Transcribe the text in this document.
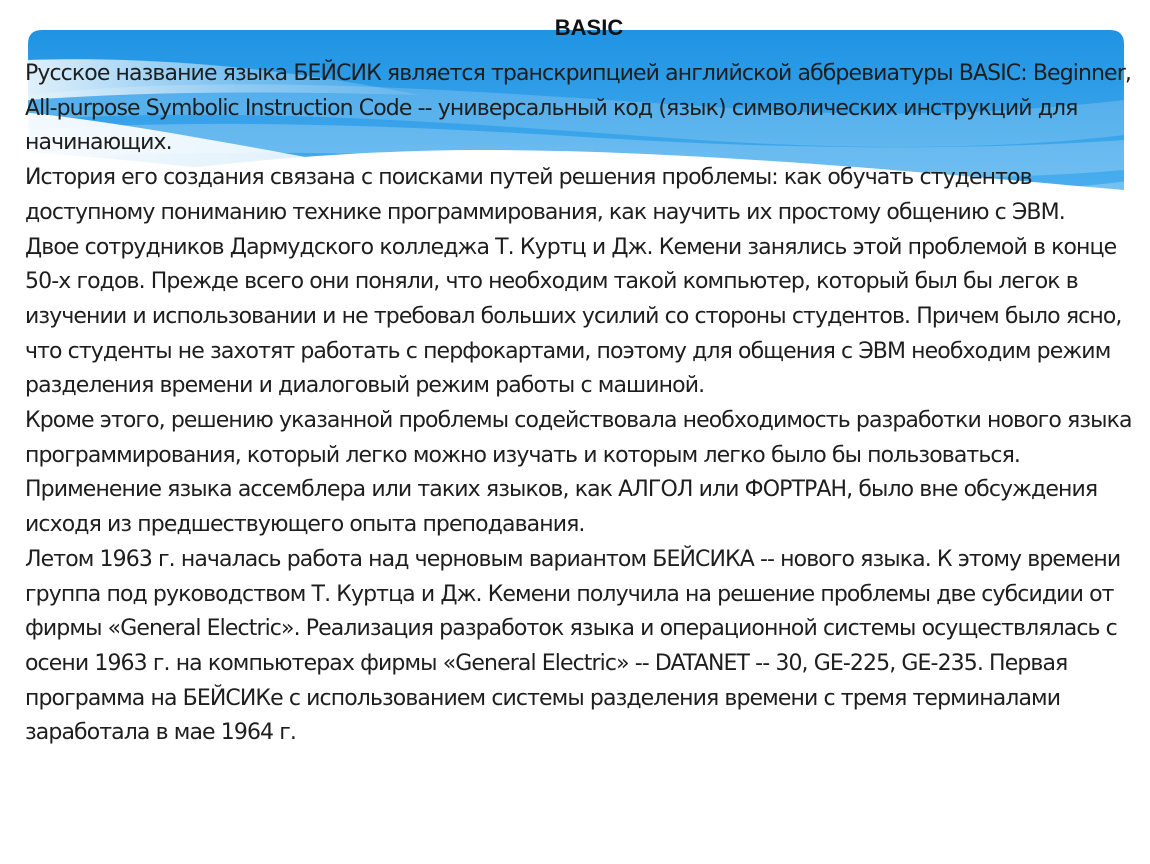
BASIC

Русское название языка БЕЙСИК является транскрипцией английской аббревиатуры BASIC: Beginner, All-purpose Symbolic Instruction Code -- универсальный код (язык) символических инструкций для начинающих.

История его создания связана с поисками путей решения проблемы: как обучать студентов доступному пониманию технике программирования, как научить их простому общению с ЭВМ.

Двое сотрудников Дармудского колледжа Т. Куртц и Дж. Кемени занялись этой проблемой в конце 50-х годов. Прежде всего они поняли, что необходим такой компьютер, который был бы легок в изучении и использовании и не требовал больших усилий со стороны студентов. Причем было ясно, что студенты не захотят работать с перфокартами, поэтому для общения с ЭВМ необходим режим разделения времени и диалоговый режим работы с машиной.

Кроме этого, решению указанной проблемы содействовала необходимость разработки нового языка программирования, который легко можно изучать и которым легко было бы пользоваться. Применение языка ассемблера или таких языков, как АЛГОЛ или ФОРТРАН, было вне обсуждения исходя из предшествующего опыта преподавания.

Летом 1963 г. началась работа над черновым вариантом БЕЙСИКА -- нового языка. К этому времени группа под руководством Т. Куртца и Дж. Кемени получила на решение проблемы две субсидии от фирмы «General Electric». Реализация разработок языка и операционной системы осуществлялась с осени 1963 г. на компьютерах фирмы «General Electric» -- DATANET -- 30, GE-225, GE-235. Первая программа на БЕЙСИКе с использованием системы разделения времени с тремя терминалами заработала в мае 1964 г.
